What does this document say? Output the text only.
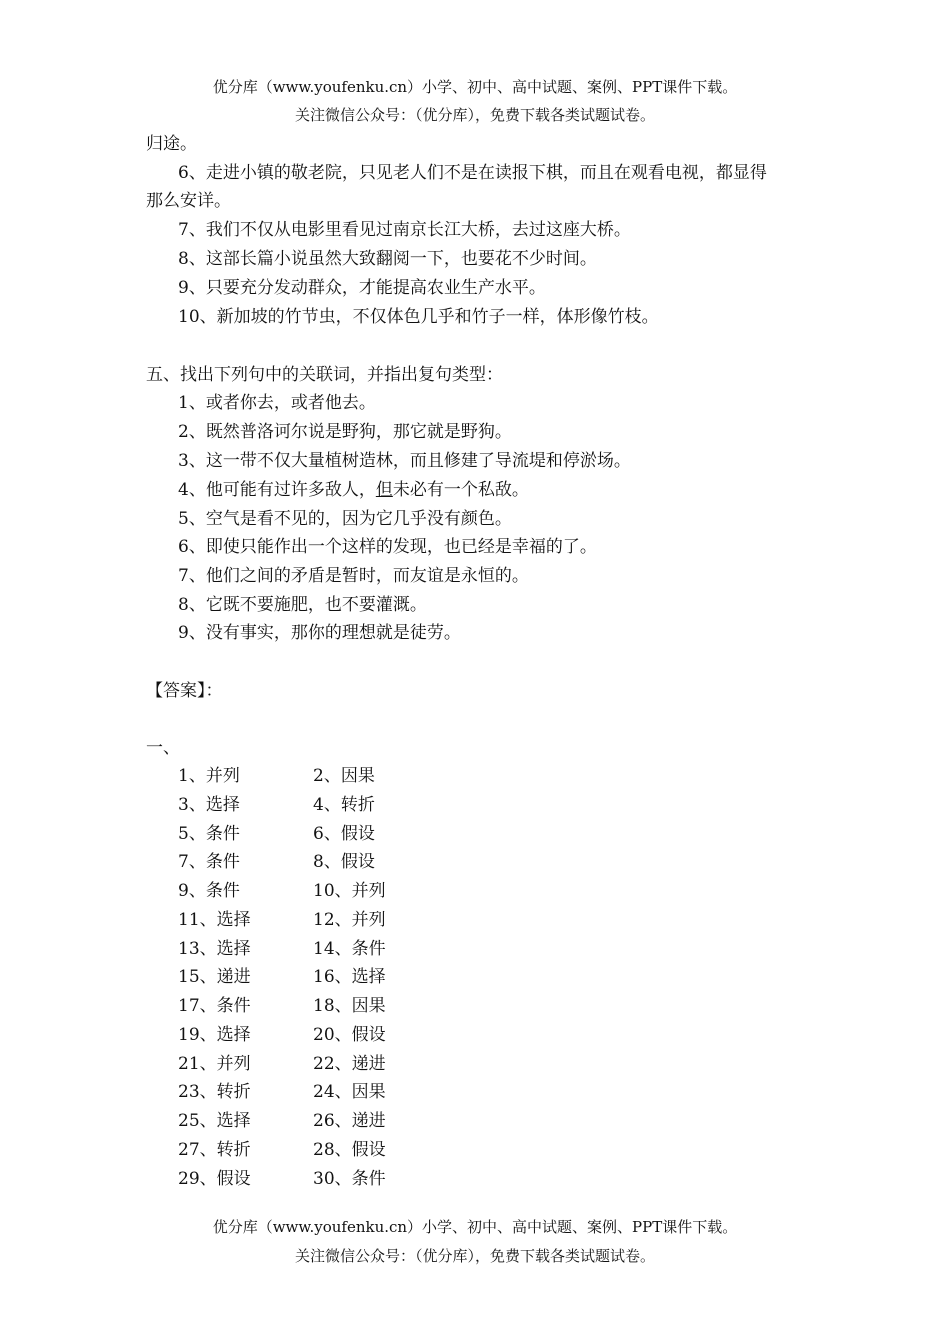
优分库（www.youfenku.cn）小学、初中、高中试题、案例、PPT课件下载。
关注微信公众号：（优分库），免费下载各类试题试卷。
归途。
6、走进小镇的敬老院，只见老人们不是在读报下棋，而且在观看电视，都显得
那么安详。
7、我们不仅从电影里看见过南京长江大桥，去过这座大桥。
8、这部长篇小说虽然大致翻阅一下，也要花不少时间。
9、只要充分发动群众，才能提高农业生产水平。
10、新加坡的竹节虫，不仅体色几乎和竹子一样，体形像竹枝。
五、找出下列句中的关联词，并指出复句类型：
1、或者你去，或者他去。
2、既然普洛诃尔说是野狗，那它就是野狗。
3、这一带不仅大量植树造林，而且修建了导流堤和停淤场。
4、他可能有过许多敌人，但未必有一个私敌。
5、空气是看不见的，因为它几乎没有颜色。
6、即使只能作出一个这样的发现，也已经是幸福的了。
7、他们之间的矛盾是暂时，而友谊是永恒的。
8、它既不要施肥，也不要灌溉。
9、没有事实，那你的理想就是徒劳。
【答案】：
一、
1、并列	2、因果
3、选择	4、转折
5、条件	6、假设
7、条件	8、假设
9、条件	10、并列
11、选择	12、并列
13、选择	14、条件
15、递进	16、选择
17、条件	18、因果
19、选择	20、假设
21、并列	22、递进
23、转折	24、因果
25、选择	26、递进
27、转折	28、假设
29、假设	30、条件
优分库（www.youfenku.cn）小学、初中、高中试题、案例、PPT课件下载。
关注微信公众号：（优分库），免费下载各类试题试卷。
